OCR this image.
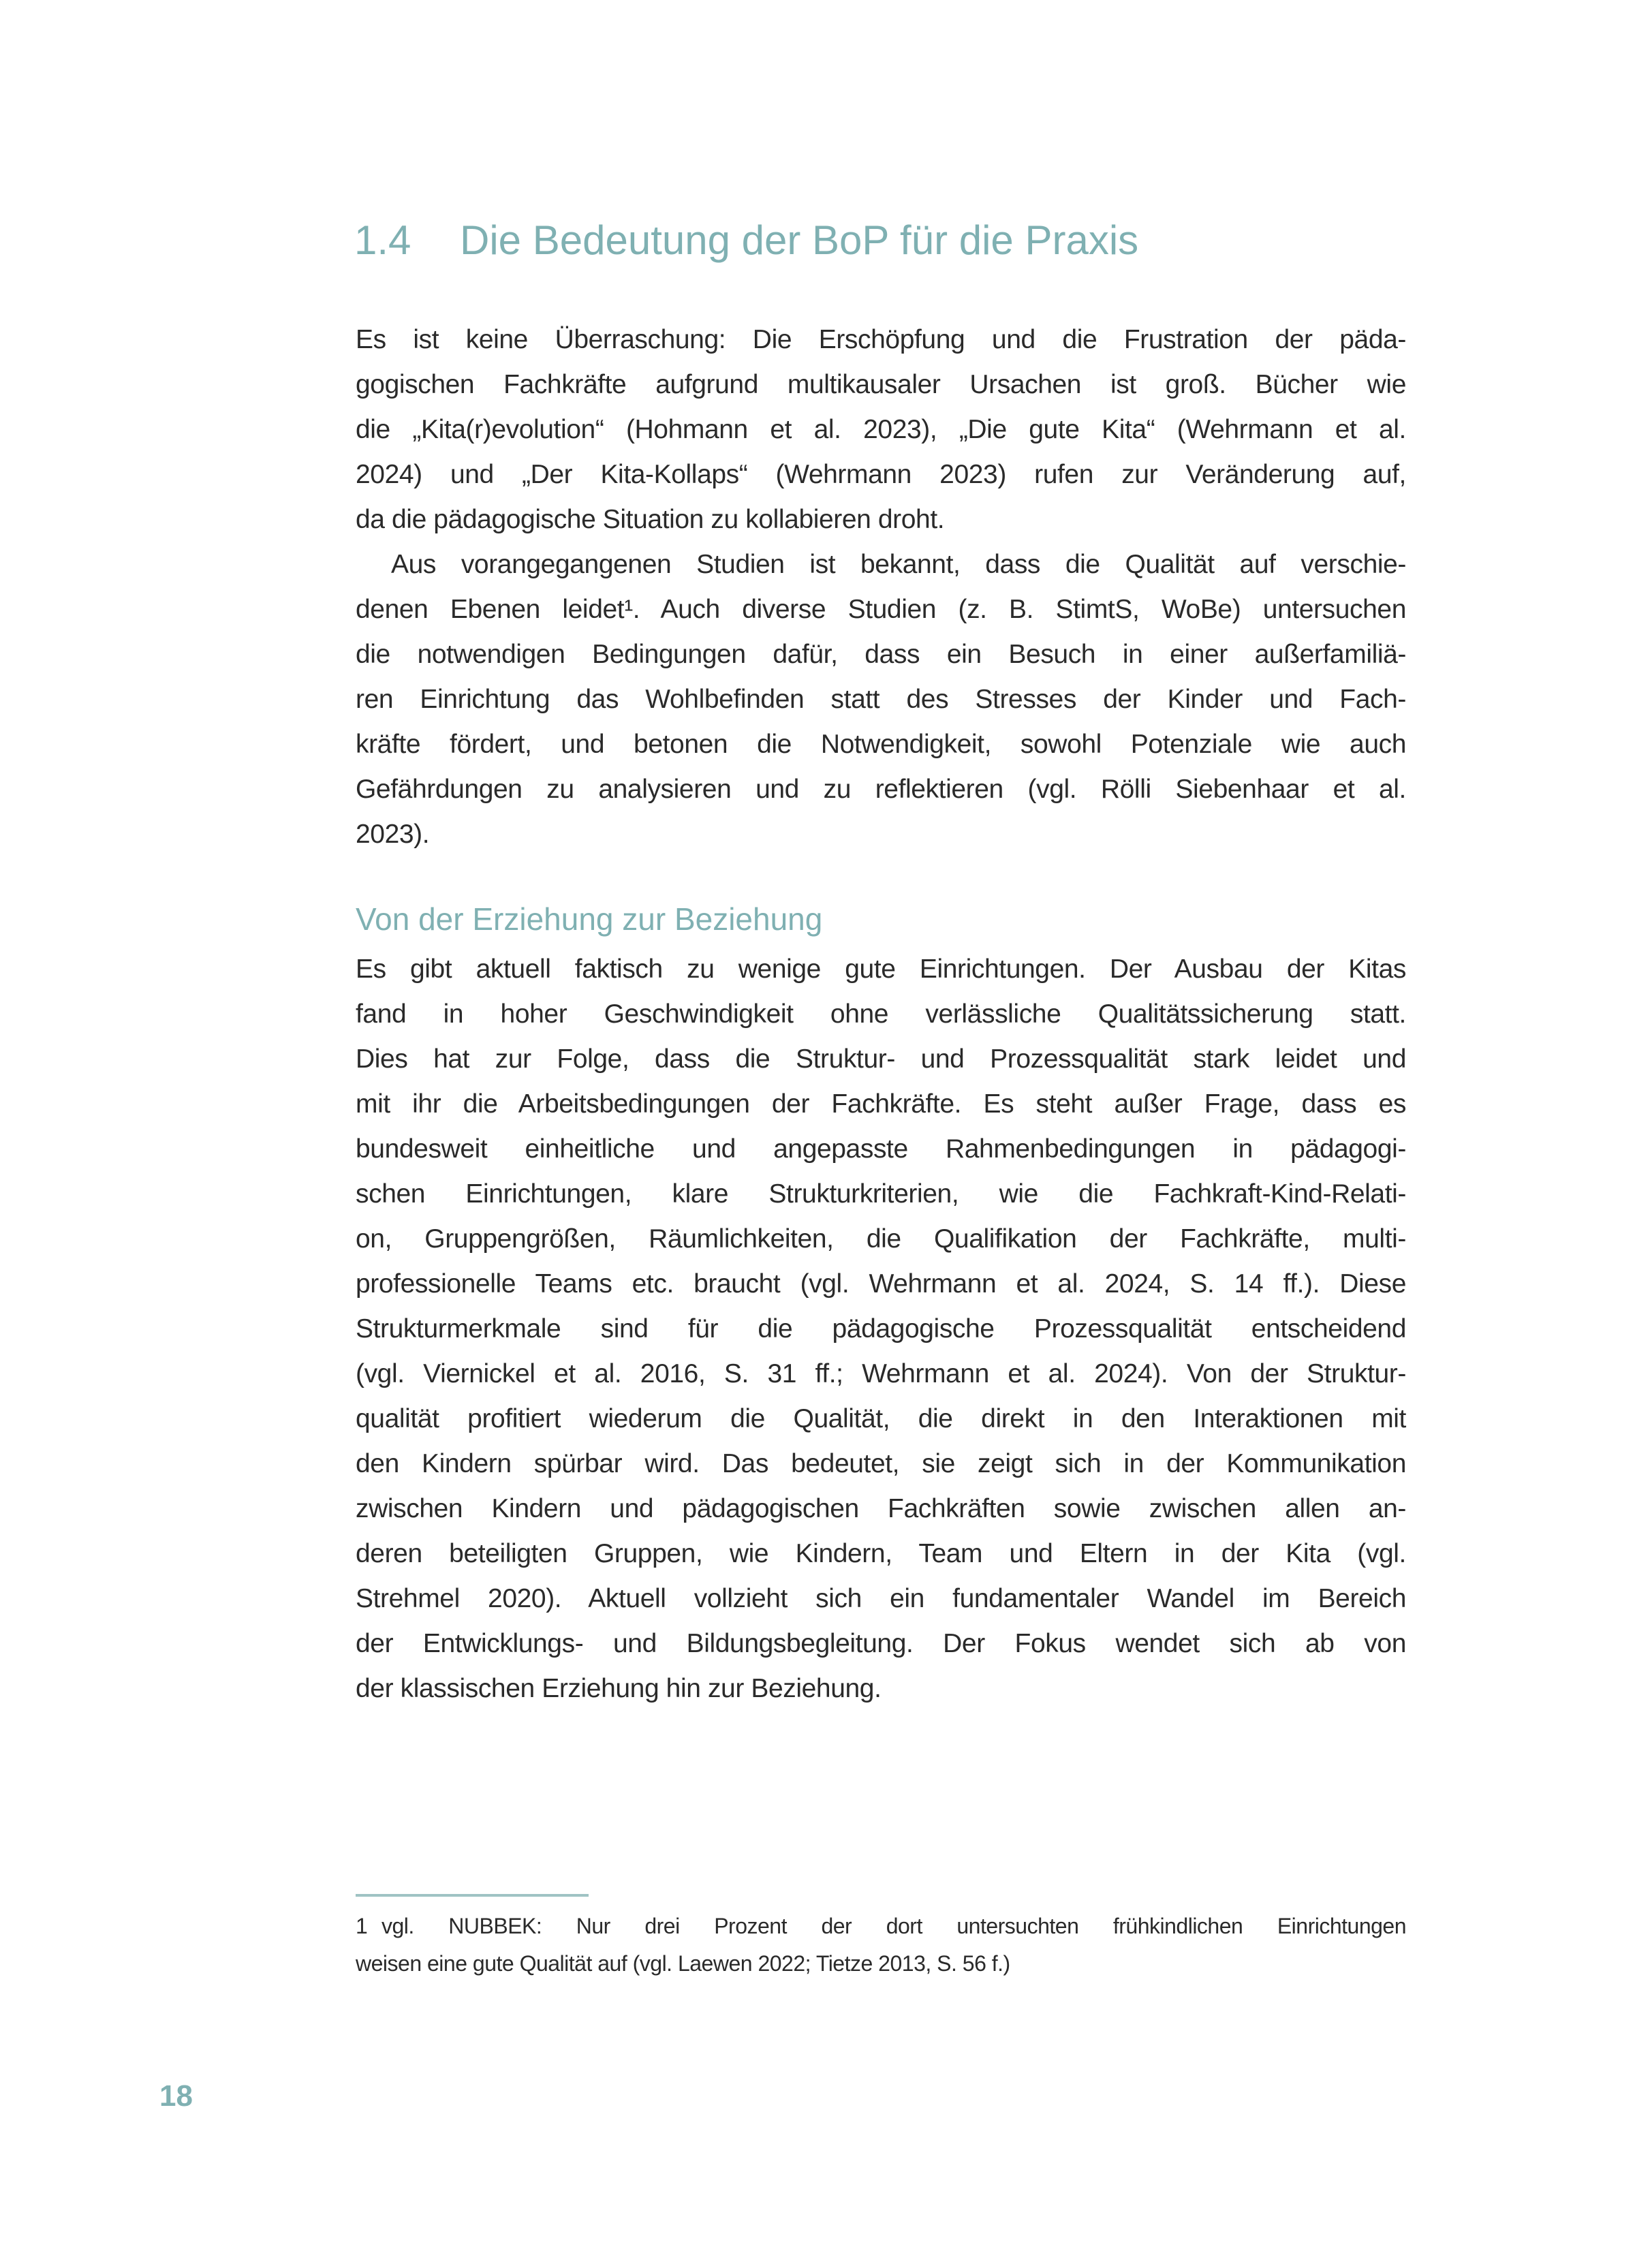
1.4 Die Bedeutung der BoP für die Praxis
Es ist keine Überraschung: Die Erschöpfung und die Frustration der päda-
gogischen Fachkräfte aufgrund multikausaler Ursachen ist groß. Bücher wie
die „Kita(r)evolution“ (Hohmann et al. 2023), „Die gute Kita“ (Wehrmann et al.
2024) und „Der Kita-Kollaps“ (Wehrmann 2023) rufen zur Veränderung auf,
da die pädagogische Situation zu kollabieren droht.
Aus vorangegangenen Studien ist bekannt, dass die Qualität auf verschie-
denen Ebenen leidet¹. Auch diverse Studien (z. B. StimtS, WoBe) untersuchen
die notwendigen Bedingungen dafür, dass ein Besuch in einer außerfamiliä-
ren Einrichtung das Wohlbefinden statt des Stresses der Kinder und Fach-
kräfte fördert, und betonen die Notwendigkeit, sowohl Potenziale wie auch
Gefährdungen zu analysieren und zu reflektieren (vgl. Rölli Siebenhaar et al.
2023).
Von der Erziehung zur Beziehung
Es gibt aktuell faktisch zu wenige gute Einrichtungen. Der Ausbau der Kitas
fand in hoher Geschwindigkeit ohne verlässliche Qualitätssicherung statt.
Dies hat zur Folge, dass die Struktur- und Prozessqualität stark leidet und
mit ihr die Arbeitsbedingungen der Fachkräfte. Es steht außer Frage, dass es
bundesweit einheitliche und angepasste Rahmenbedingungen in pädagogi-
schen Einrichtungen, klare Strukturkriterien, wie die Fachkraft-Kind-Relati-
on, Gruppengrößen, Räumlichkeiten, die Qualifikation der Fachkräfte, multi-
professionelle Teams etc. braucht (vgl. Wehrmann et al. 2024, S. 14 ff.). Diese
Strukturmerkmale sind für die pädagogische Prozessqualität entscheidend
(vgl. Viernickel et al. 2016, S. 31 ff.; Wehrmann et al. 2024). Von der Struktur-
qualität profitiert wiederum die Qualität, die direkt in den Interaktionen mit
den Kindern spürbar wird. Das bedeutet, sie zeigt sich in der Kommunikation
zwischen Kindern und pädagogischen Fachkräften sowie zwischen allen an-
deren beteiligten Gruppen, wie Kindern, Team und Eltern in der Kita (vgl.
Strehmel 2020). Aktuell vollzieht sich ein fundamentaler Wandel im Bereich
der Entwicklungs- und Bildungsbegleitung. Der Fokus wendet sich ab von
der klassischen Erziehung hin zur Beziehung.
1 vgl. NUBBEK: Nur drei Prozent der dort untersuchten frühkindlichen Einrichtungen
weisen eine gute Qualität auf (vgl. Laewen 2022; Tietze 2013, S. 56 f.)
18
